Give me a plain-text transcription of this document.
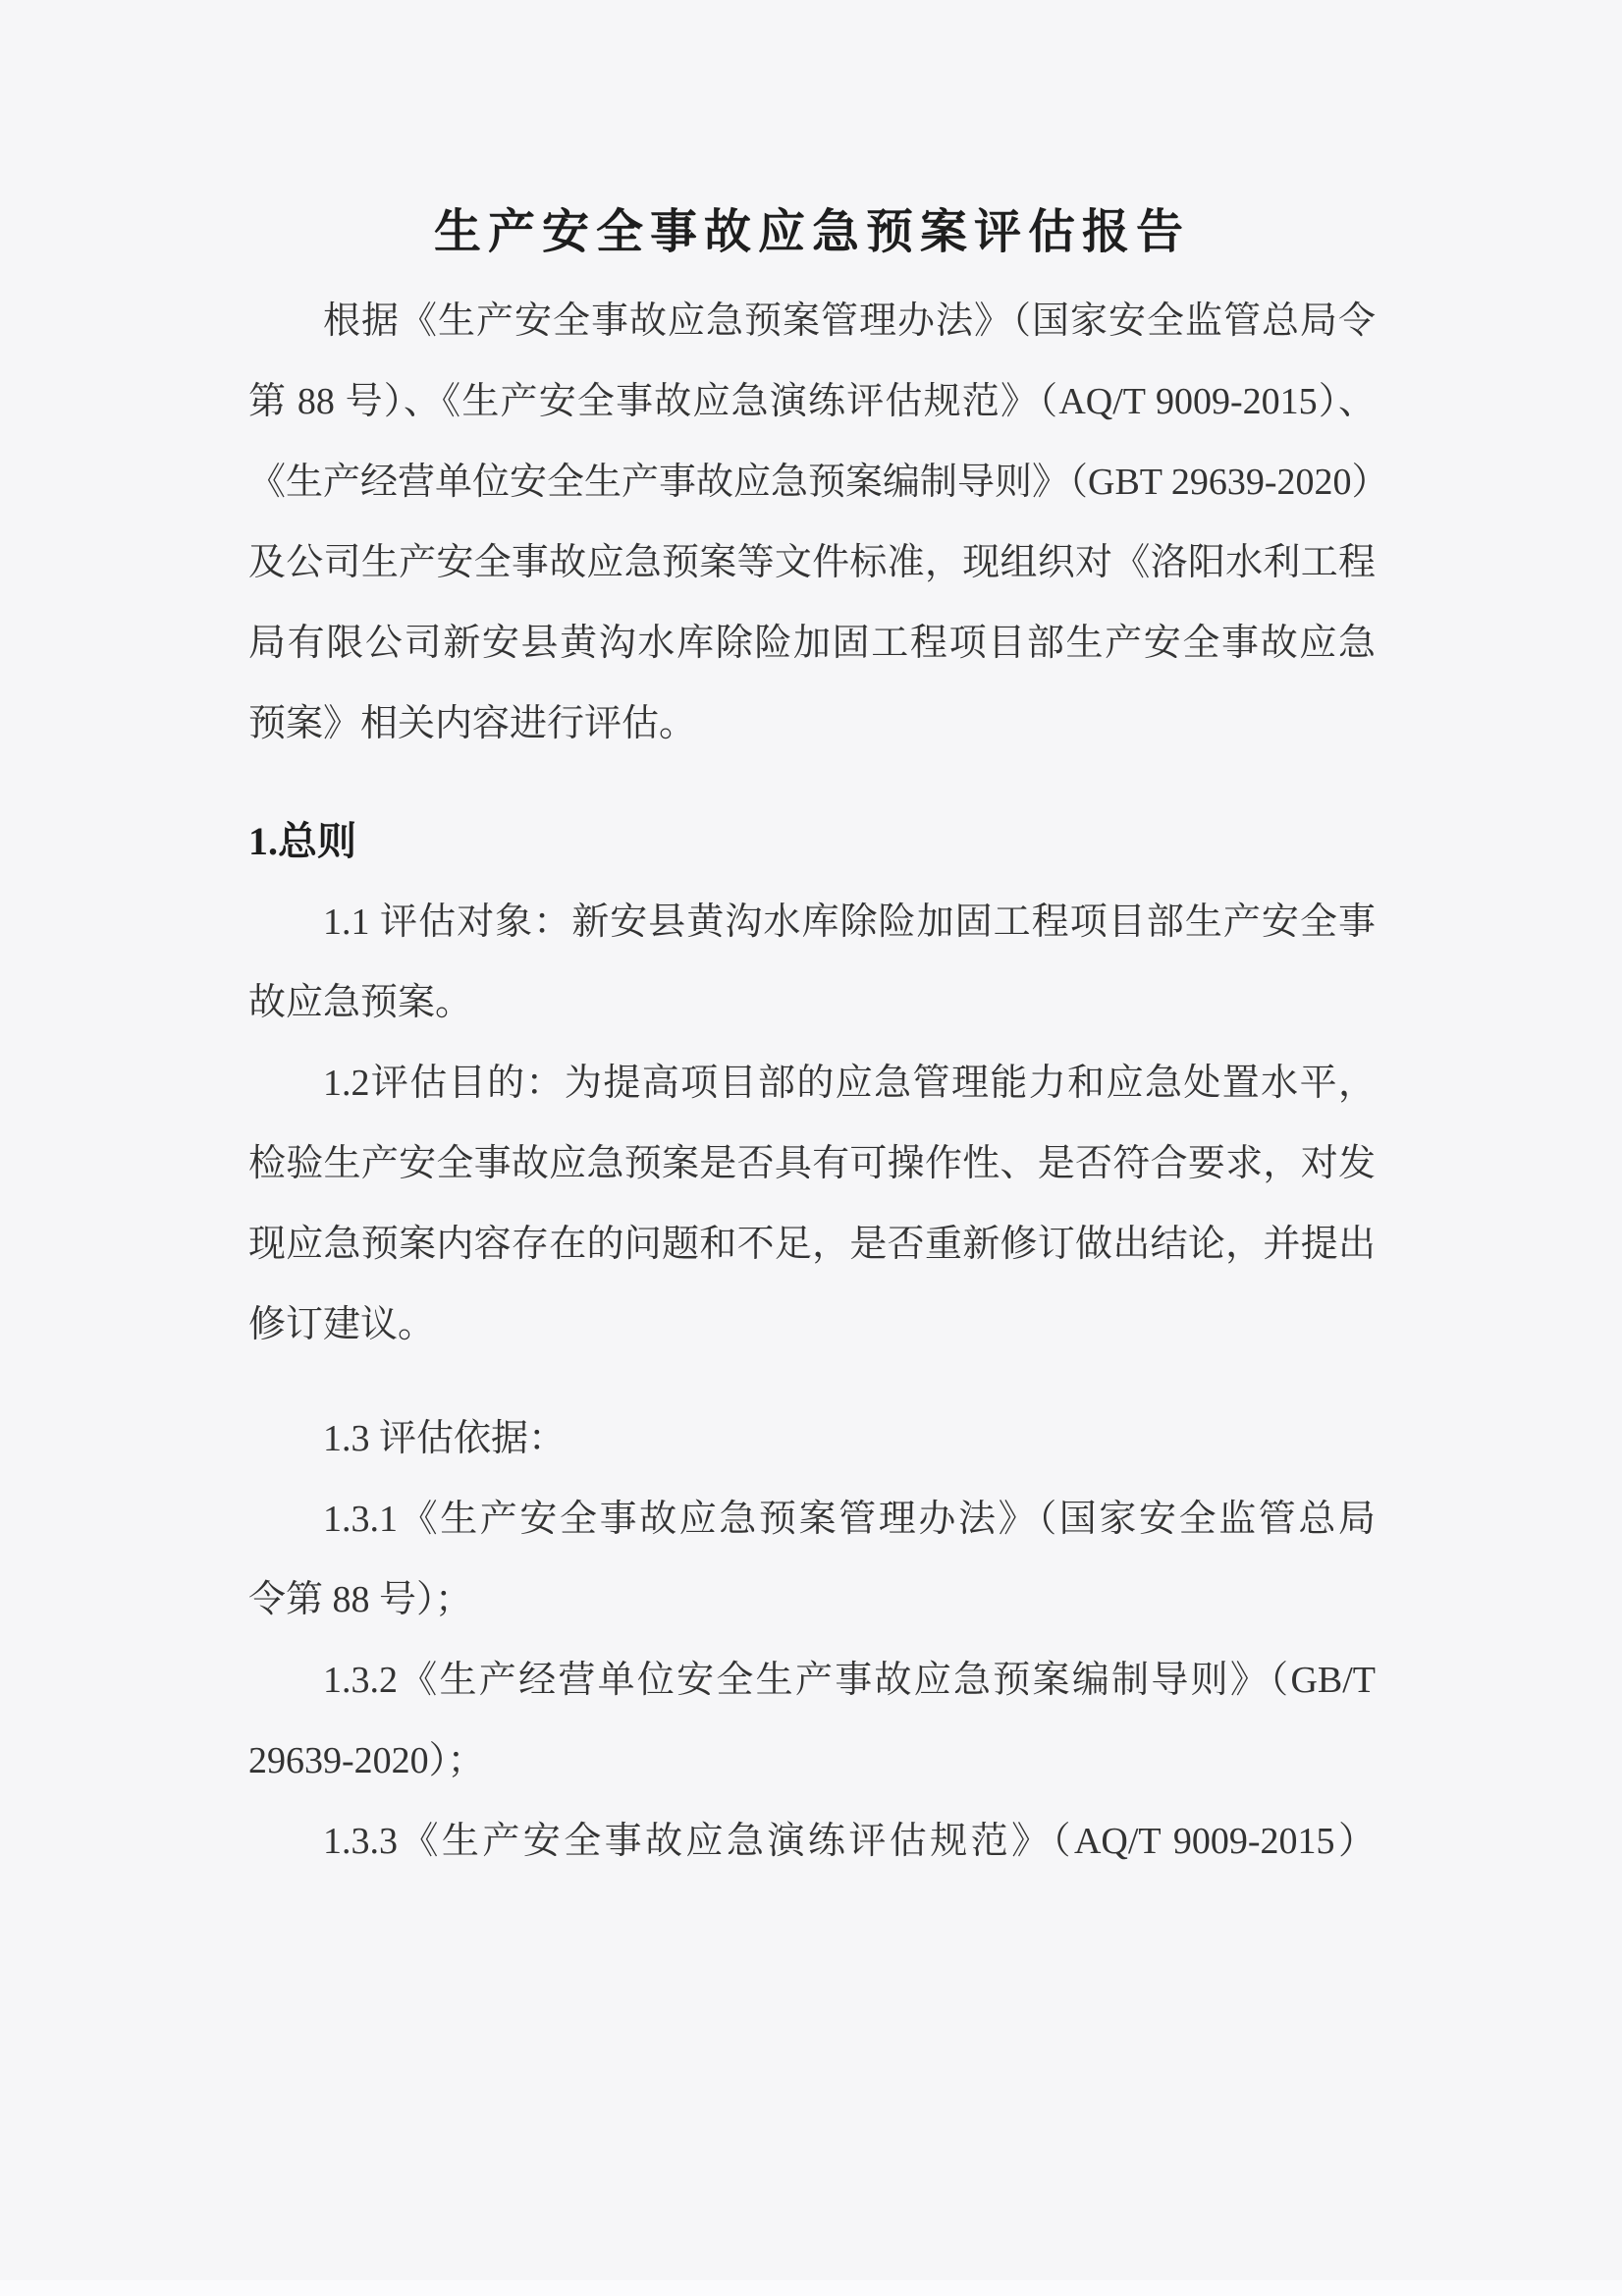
生产安全事故应急预案评估报告
根据《生产安全事故应急预案管理办法》（国家安全监管总局令
第 88 号）、《生产安全事故应急演练评估规范》（AQ/T 9009-2015）、
《生产经营单位安全生产事故应急预案编制导则》（GBT 29639-2020）
及公司生产安全事故应急预案等文件标准，现组织对《洛阳水利工程
局有限公司新安县黄沟水库除险加固工程项目部生产安全事故应急
预案》相关内容进行评估。
1.总则
1.1 评估对象：新安县黄沟水库除险加固工程项目部生产安全事
故应急预案。
1.2评估目的：为提高项目部的应急管理能力和应急处置水平，
检验生产安全事故应急预案是否具有可操作性、是否符合要求，对发
现应急预案内容存在的问题和不足，是否重新修订做出结论，并提出
修订建议。
1.3 评估依据：
1.3.1《生产安全事故应急预案管理办法》（国家安全监管总局
令第 88 号）；
1.3.2《生产经营单位安全生产事故应急预案编制导则》（GB/T
29639-2020）；
1.3.3《生产安全事故应急演练评估规范》（AQ/T 9009-2015）
